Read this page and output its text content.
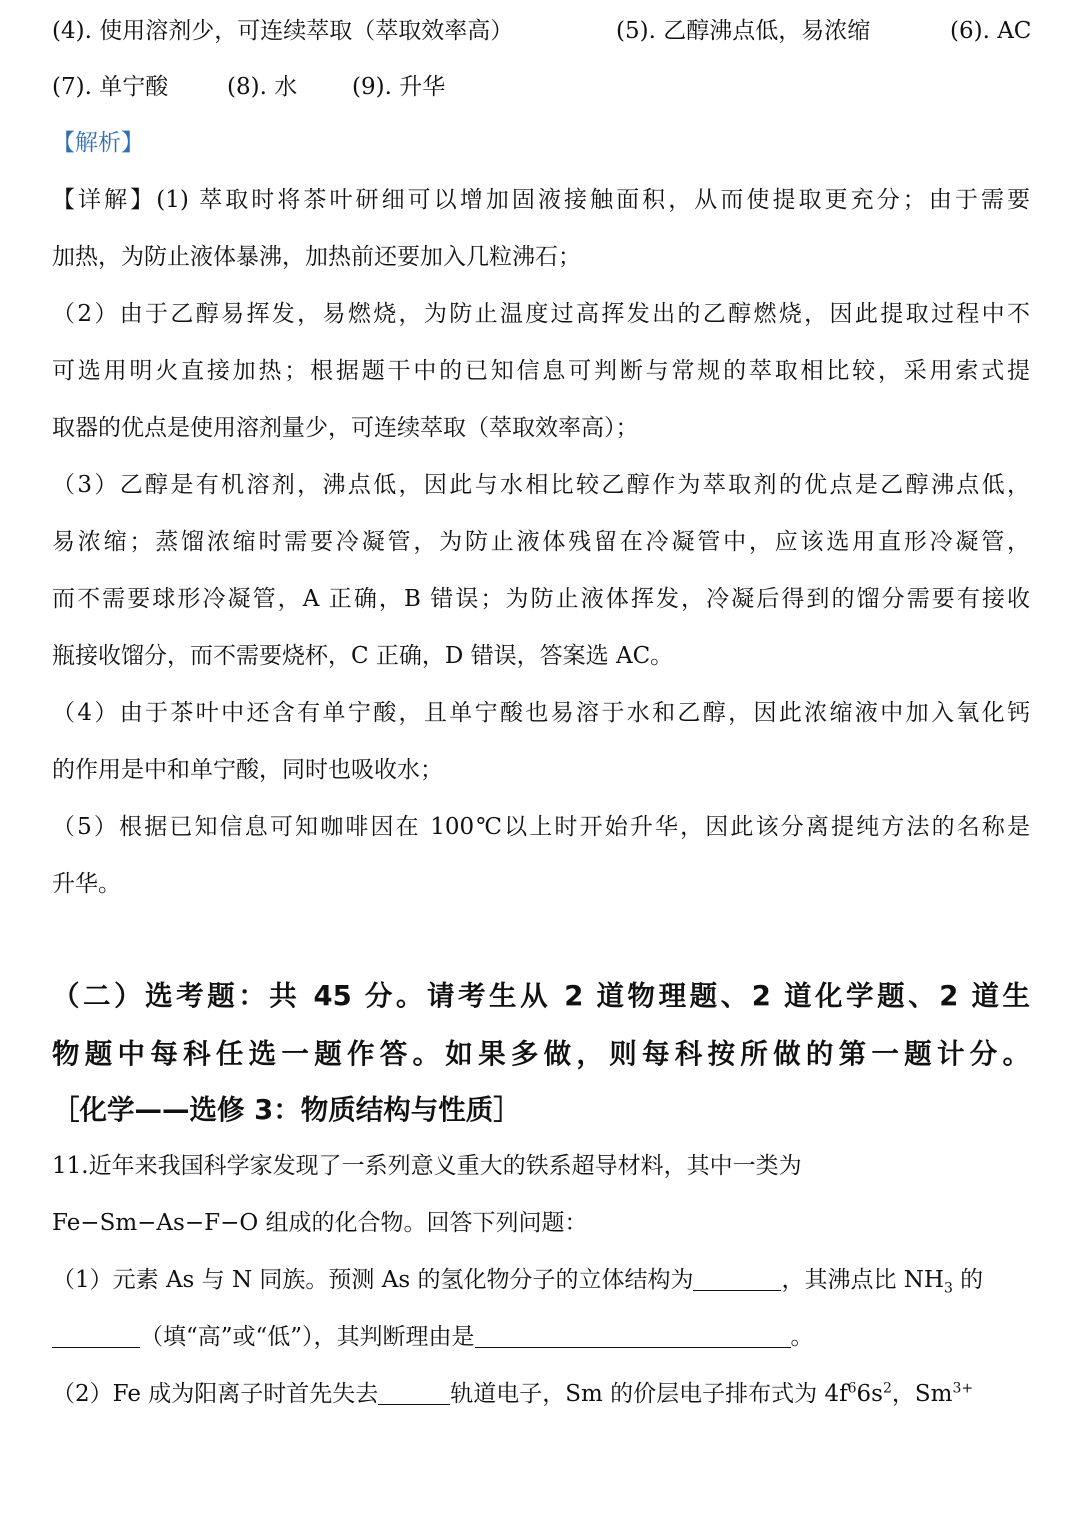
(4). 使用溶剂少，可连续萃取（萃取效率高）	(5). 乙醇沸点低，易浓缩	(6). AC
(7). 单宁酸	(8). 水 (9). 升华
【解析】
【详解】(1) 萃取时将茶叶研细可以增加固液接触面积，从而使提取更充分；由于需要
加热，为防止液体暴沸，加热前还要加入几粒沸石；
（2）由于乙醇易挥发，易燃烧，为防止温度过高挥发出的乙醇燃烧，因此提取过程中不
可选用明火直接加热；根据题干中的已知信息可判断与常规的萃取相比较，采用索式提
取器的优点是使用溶剂量少，可连续萃取（萃取效率高）；
（3）乙醇是有机溶剂，沸点低，因此与水相比较乙醇作为萃取剂的优点是乙醇沸点低，
易浓缩；蒸馏浓缩时需要冷凝管，为防止液体残留在冷凝管中，应该选用直形冷凝管，
而不需要球形冷凝管，A 正确，B 错误；为防止液体挥发，冷凝后得到的馏分需要有接收
瓶接收馏分，而不需要烧杯，C 正确，D 错误，答案选 AC。
（4）由于茶叶中还含有单宁酸，且单宁酸也易溶于水和乙醇，因此浓缩液中加入氧化钙
的作用是中和单宁酸，同时也吸收水；
（5）根据已知信息可知咖啡因在 100℃以上时开始升华，因此该分离提纯方法的名称是
升华。
（二）选考题：共 45 分。请考生从 2 道物理题、2 道化学题、2 道生
物题中每科任选一题作答。如果多做，则每科按所做的第一题计分。
［化学——选修 3：物质结构与性质］
11.近年来我国科学家发现了一系列意义重大的铁系超导材料，其中一类为
Fe−Sm−As−F−O 组成的化合物。回答下列问题：
（1）元素 As 与 N 同族。预测 As 的氢化物分子的立体结构为	，其沸点比 $NH_3$ 的
（填“高”或“低”），其判断理由是	。
（2）Fe 成为阳离子时首先失去	轨道电子，Sm 的价层电子排布式为 $4f^66s^2$，$Sm^{3+}$
